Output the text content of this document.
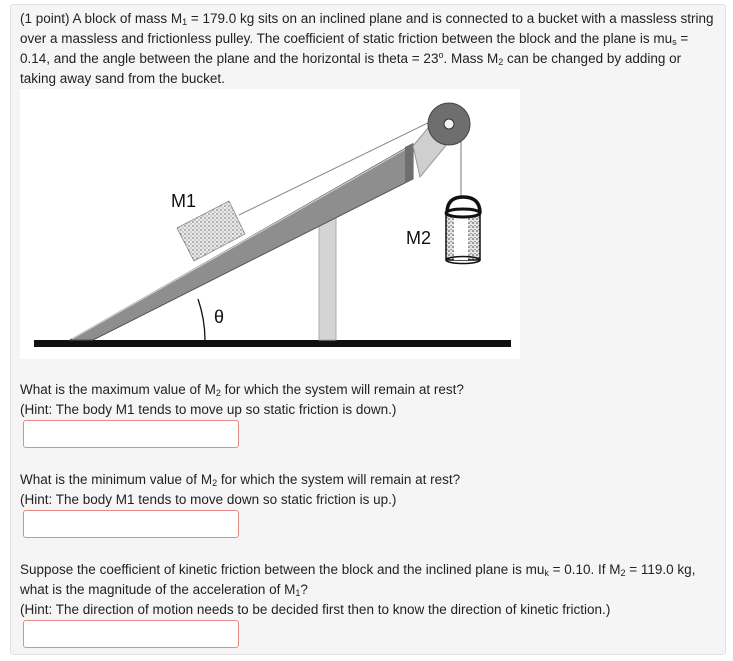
(1 point) A block of mass $M_1 = 179.0$ kg sits on an inclined plane and is connected to a bucket with a massless string over a massless and frictionless pulley. The coefficient of static friction between the block and the plane is $mu_s = 0.14$, and the angle between the plane and the horizontal is theta = $23^o$. Mass $M_2$ can be changed by adding or taking away sand from the bucket.

M1
M2
θ

What is the maximum value of $M_2$ for which the system will remain at rest?
(Hint: The body M1 tends to move up so static friction is down.)

What is the minimum value of $M_2$ for which the system will remain at rest?
(Hint: The body M1 tends to move down so static friction is up.)

Suppose the coefficient of kinetic friction between the block and the inclined plane is $mu_k = 0.10$. If $M_2 = 119.0$ kg, what is the magnitude of the acceleration of $M_1$?
(Hint: The direction of motion needs to be decided first then to know the direction of kinetic friction.)
